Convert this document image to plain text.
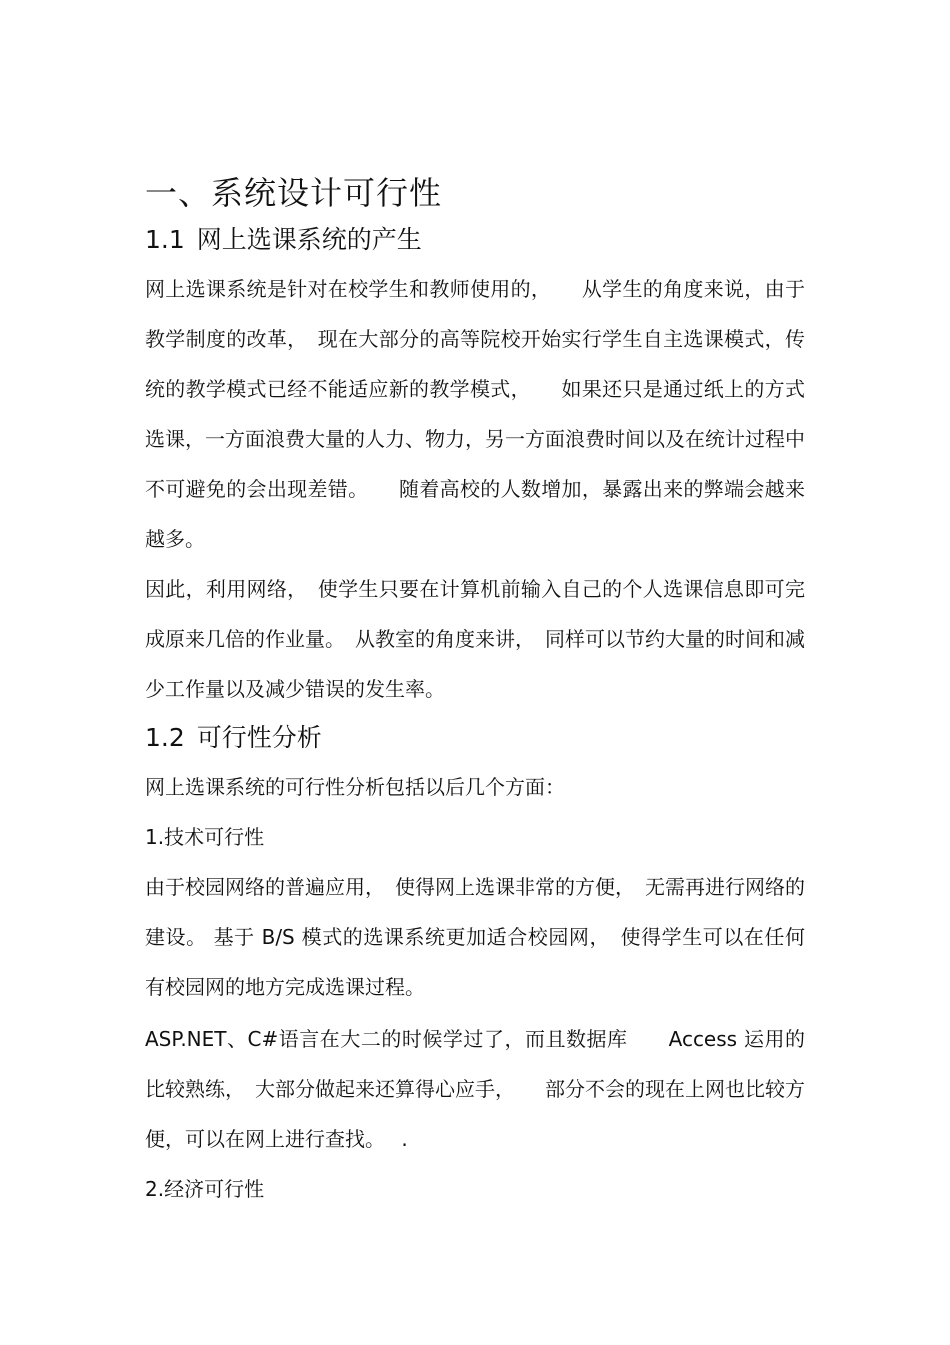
一、系统设计可行性
1.1 网上选课系统的产生

网上选课系统是针对在校学生和教师使用的，　　从学生的角度来说，由于教学制度的改革，　现在大部分的高等院校开始实行学生自主选课模式，传统的教学模式已经不能适应新的教学模式，　　如果还只是通过纸上的方式选课，一方面浪费大量的人力、物力，另一方面浪费时间以及在统计过程中不可避免的会出现差错。　　随着高校的人数增加，暴露出来的弊端会越来越多。

因此，利用网络，　使学生只要在计算机前输入自己的个人选课信息即可完成原来几倍的作业量。　从教室的角度来讲，　同样可以节约大量的时间和减少工作量以及减少错误的发生率。

1.2 可行性分析

网上选课系统的可行性分析包括以后几个方面：

1.技术可行性

由于校园网络的普遍应用，　使得网上选课非常的方便，　无需再进行网络的建设。 基于 B/S 模式的选课系统更加适合校园网，　使得学生可以在任何有校园网的地方完成选课过程。

ASP.NET、C#语言在大二的时候学过了，而且数据库　　Access 运用的比较熟练，　大部分做起来还算得心应手，　　部分不会的现在上网也比较方便，可以在网上进行查找。　 .

2.经济可行性
